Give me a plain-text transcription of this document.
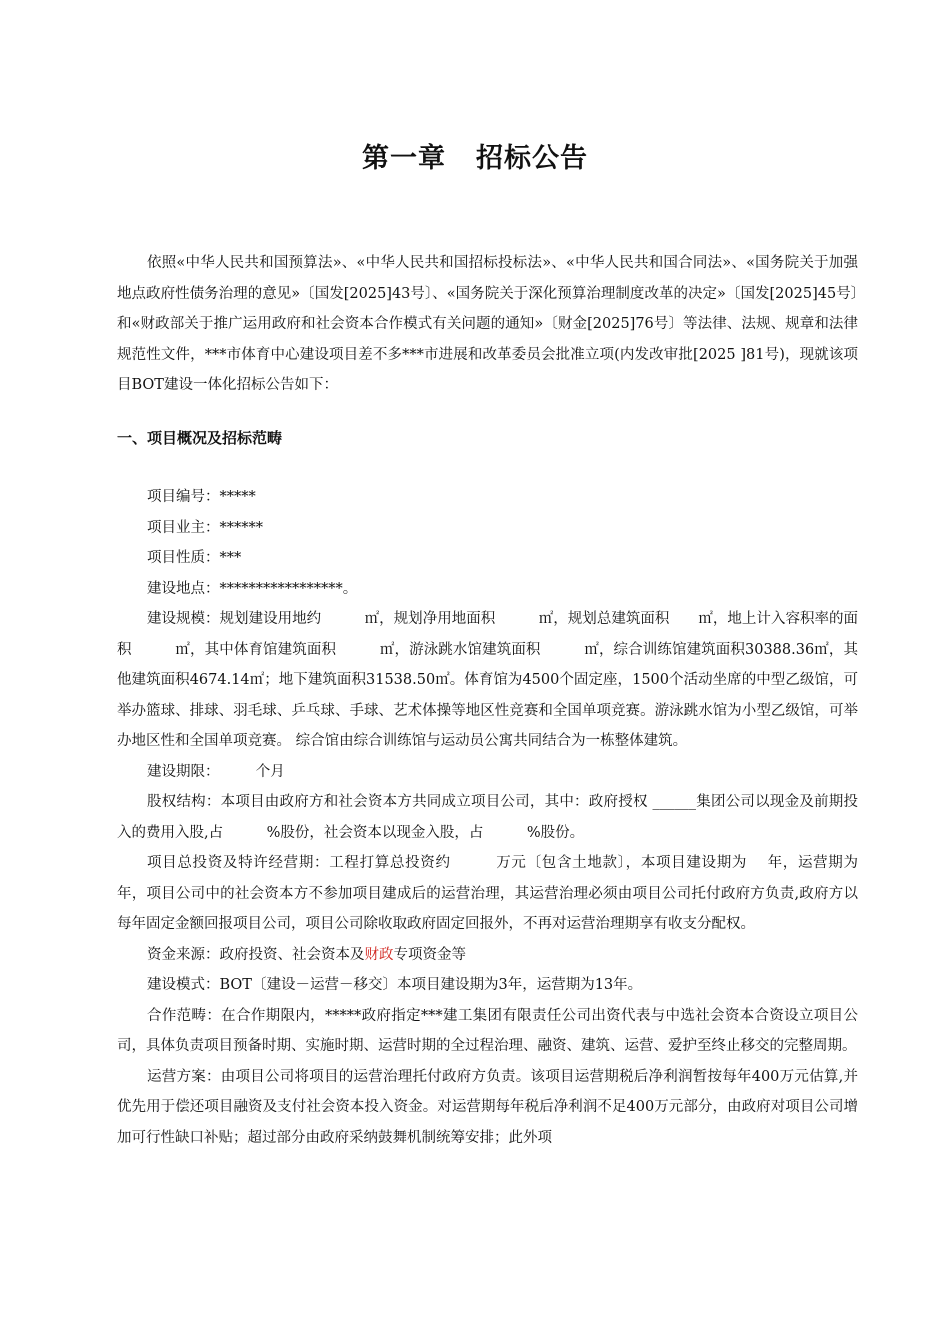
第一章 招标公告

依照«中华人民共和国预算法»、«中华人民共和国招标投标法»、«中华人民共和国合同法»、«国务院关于加强地点政府性债务治理的意见»〔国发[2025]43号〕、«国务院关于深化预算治理制度改革的决定»〔国发[2025]45号〕和«财政部关于推广运用政府和社会资本合作模式有关问题的通知»〔财金[2025]76号〕等法律、法规、规章和法律规范性文件，***市体育中心建设项目差不多***市进展和改革委员会批准立项(内发改审批[2025 ]81号)，现就该项目BOT建设一体化招标公告如下：

一、项目概况及招标范畴

项目编号：*****

项目业主：******

项目性质：***

建设地点：*****************。

建设规模：规划建设用地约　　　㎡，规划净用地面积　　　㎡，规划总建筑面积　　㎡，地上计入容积率的面积　　　㎡，其中体育馆建筑面积　　　㎡，游泳跳水馆建筑面积　　　㎡，综合训练馆建筑面积30388.36㎡，其他建筑面积4674.14㎡；地下建筑面积31538.50㎡。体育馆为4500个固定座，1500个活动坐席的中型乙级馆，可举办篮球、排球、羽毛球、乒乓球、手球、艺术体操等地区性竞赛和全国单项竞赛。游泳跳水馆为小型乙级馆，可举办地区性和全国单项竞赛。 综合馆由综合训练馆与运动员公寓共同结合为一栋整体建筑。

建设期限：　　　个月

股权结构：本项目由政府方和社会资本方共同成立项目公司，其中：政府授权 ______集团公司以现金及前期投入的费用入股,占　　　%股份，社会资本以现金入股，占　　　%股份。

项目总投资及特许经营期：工程打算总投资约　　　万元〔包含土地款〕，本项目建设期为　 年，运营期为　　年，项目公司中的社会资本方不参加项目建成后的运营治理，其运营治理必须由项目公司托付政府方负责,政府方以每年固定金额回报项目公司，项目公司除收取政府固定回报外，不再对运营治理期享有收支分配权。

资金来源：政府投资、社会资本及财政专项资金等

建设模式：BOT〔建设－运营－移交〕本项目建设期为3年，运营期为13年。

合作范畴：在合作期限内，*****政府指定***建工集团有限责任公司出资代表与中选社会资本合资设立项目公司，具体负责项目预备时期、实施时期、运营时期的全过程治理、融资、建筑、运营、爱护至终止移交的完整周期。

运营方案：由项目公司将项目的运营治理托付政府方负责。该项目运营期税后净利润暂按每年400万元估算,并优先用于偿还项目融资及支付社会资本投入资金。对运营期每年税后净利润不足400万元部分，由政府对项目公司增加可行性缺口补贴；超过部分由政府采纳鼓舞机制统筹安排；此外项
